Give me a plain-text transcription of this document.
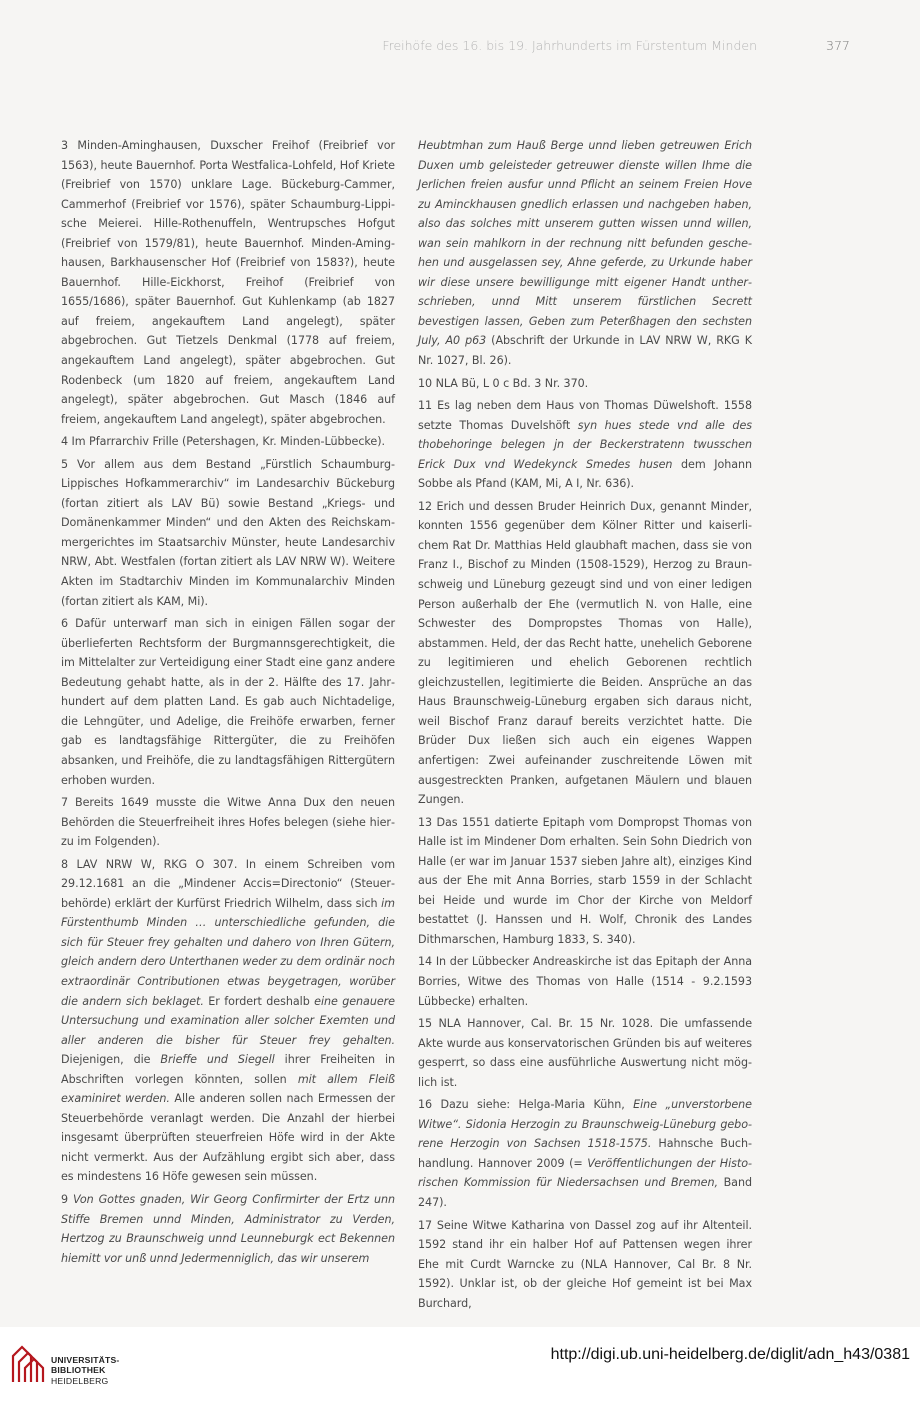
Freihöfe des 16. bis 19. Jahrhunderts im Fürstentum Minden	377

3 Minden-Aminghausen, Duxscher Freihof (Freibrief vor 1563), heute Bauernhof. Porta Westfalica-Lohfeld, Hof Kriete (Freibrief von 1570) unklare Lage. Bückeburg-Cammer, Cammerhof (Freibrief vor 1576), später Schaumburg-Lippische Meierei. Hille-Rothenuffeln, Wentrupsches Hofgut (Freibrief von 1579/81), heute Bauernhof. Minden-Aminghausen, Barkhausenscher Hof (Freibrief von 1583?), heute Bauernhof. Hille-Eickhorst, Freihof (Freibrief von 1655/1686), später Bauernhof. Gut Kuhlenkamp (ab 1827 auf freiem, angekauftem Land angelegt), später abgebrochen. Gut Tietzels Denkmal (1778 auf freiem, angekauftem Land angelegt), später abgebrochen. Gut Rodenbeck (um 1820 auf freiem, angekauftem Land angelegt), später abgebrochen. Gut Masch (1846 auf freiem, angekauftem Land angelegt), später abgebrochen.

4 Im Pfarrarchiv Frille (Petershagen, Kr. Minden-Lübbecke).

5 Vor allem aus dem Bestand „Fürstlich Schaumburg-Lippisches Hofkammerarchiv“ im Landesarchiv Bückeburg (fortan zitiert als LAV Bü) sowie Bestand „Kriegs- und Domänenkammer Minden“ und den Akten des Reichskammergerichtes im Staatsarchiv Münster, heute Landesarchiv NRW, Abt. Westfalen (fortan zitiert als LAV NRW W). Weitere Akten im Stadtarchiv Minden im Kommunalarchiv Minden (fortan zitiert als KAM, Mi).

6 Dafür unterwarf man sich in einigen Fällen sogar der überlieferten Rechtsform der Burgmannsgerechtigkeit, die im Mittelalter zur Verteidigung einer Stadt eine ganz andere Bedeutung gehabt hatte, als in der 2. Hälfte des 17. Jahrhundert auf dem platten Land. Es gab auch Nichtadelige, die Lehngüter, und Adelige, die Freihöfe erwarben, ferner gab es landtagsfähige Rittergüter, die zu Freihöfen absanken, und Freihöfe, die zu landtagsfähigen Rittergütern erhoben wurden.

7 Bereits 1649 musste die Witwe Anna Dux den neuen Behörden die Steuerfreiheit ihres Hofes belegen (siehe hierzu im Folgenden).

8 LAV NRW W, RKG O 307. In einem Schreiben vom 29.12.1681 an die „Mindener Accis=Directonio“ (Steuerbehörde) erklärt der Kurfürst Friedrich Wilhelm, dass sich im Fürstenthumb Minden … unterschiedliche gefunden, die sich für Steuer frey gehalten und dahero von Ihren Gütern, gleich andern dero Unterthanen weder zu dem ordinär noch extraordinär Contributionen etwas beygetragen, worüber die andern sich beklaget. Er fordert deshalb eine genauere Untersuchung und examination aller solcher Exemten und aller anderen die bisher für Steuer frey gehalten. Diejenigen, die Brieffe und Siegell ihrer Freiheiten in Abschriften vorlegen könnten, sollen mit allem Fleiß examiniret werden. Alle anderen sollen nach Ermessen der Steuerbehörde veranlagt werden. Die Anzahl der hierbei insgesamt überprüften steuerfreien Höfe wird in der Akte nicht vermerkt. Aus der Aufzählung ergibt sich aber, dass es mindestens 16 Höfe gewesen sein müssen.

9 Von Gottes gnaden, Wir Georg Confirmirter der Ertz unn Stiffe Bremen unnd Minden, Administrator zu Verden, Hertzog zu Braunschweig unnd Leunneburgk ect Bekennen hiemitt vor unß unnd Jedermenniglich, das wir unserem

Heubtmhan zum Hauß Berge unnd lieben getreuwen Erich Duxen umb geleisteder getreuwer dienste willen Ihme die Jerlichen freien ausfur unnd Pflicht an seinem Freien Hove zu Aminckhausen gnedlich erlassen und nachgeben haben, also das solches mitt unserem gutten wissen unnd willen, wan sein mahlkorn in der rechnung nitt befunden geschehen und ausgelassen sey, Ahne geferde, zu Urkunde haber wir diese unsere bewilligunge mitt eigener Handt untherschrieben, unnd Mitt unserem fürstlichen Secrett bevestigen lassen, Geben zum Peterßhagen den sechsten July, A0 p63 (Abschrift der Urkunde in LAV NRW W, RKG K Nr. 1027, Bl. 26).

10 NLA Bü, L 0 c Bd. 3 Nr. 370.

11 Es lag neben dem Haus von Thomas Düwelshoft. 1558 setzte Thomas Duvelshöft syn hues stede vnd alle des thobehoringe belegen jn der Beckerstratenn twusschen Erick Dux vnd Wedekynck Smedes husen dem Johann Sobbe als Pfand (KAM, Mi, A I, Nr. 636).

12 Erich und dessen Bruder Heinrich Dux, genannt Minder, konnten 1556 gegenüber dem Kölner Ritter und kaiserlichem Rat Dr. Matthias Held glaubhaft machen, dass sie von Franz I., Bischof zu Minden (1508-1529), Herzog zu Braunschweig und Lüneburg gezeugt sind und von einer ledigen Person außerhalb der Ehe (vermutlich N. von Halle, eine Schwester des Dompropstes Thomas von Halle), abstammen. Held, der das Recht hatte, unehelich Geborene zu legitimieren und ehelich Geborenen rechtlich gleichzustellen, legitimierte die Beiden. Ansprüche an das Haus Braunschweig-Lüneburg ergaben sich daraus nicht, weil Bischof Franz darauf bereits verzichtet hatte. Die Brüder Dux ließen sich auch ein eigenes Wappen anfertigen: Zwei aufeinander zuschreitende Löwen mit ausgestreckten Pranken, aufgetanen Mäulern und blauen Zungen.

13 Das 1551 datierte Epitaph vom Dompropst Thomas von Halle ist im Mindener Dom erhalten. Sein Sohn Diedrich von Halle (er war im Januar 1537 sieben Jahre alt), einziges Kind aus der Ehe mit Anna Borries, starb 1559 in der Schlacht bei Heide und wurde im Chor der Kirche von Meldorf bestattet (J. Hanssen und H. Wolf, Chronik des Landes Dithmarschen, Hamburg 1833, S. 340).

14 In der Lübbecker Andreaskirche ist das Epitaph der Anna Borries, Witwe des Thomas von Halle (1514 - 9.2.1593 Lübbecke) erhalten.

15 NLA Hannover, Cal. Br. 15 Nr. 1028. Die umfassende Akte wurde aus konservatorischen Gründen bis auf weiteres gesperrt, so dass eine ausführliche Auswertung nicht möglich ist.

16 Dazu siehe: Helga-Maria Kühn, Eine „unverstorbene Witwe“. Sidonia Herzogin zu Braunschweig-Lüneburg geborene Herzogin von Sachsen 1518-1575. Hahnsche Buchhandlung. Hannover 2009 (= Veröffentlichungen der Historischen Kommission für Niedersachsen und Bremen, Band 247).

17 Seine Witwe Katharina von Dassel zog auf ihr Altenteil. 1592 stand ihr ein halber Hof auf Pattensen wegen ihrer Ehe mit Curdt Warncke zu (NLA Hannover, Cal Br. 8 Nr. 1592). Unklar ist, ob der gleiche Hof gemeint ist bei Max Burchard,

UNIVERSITÄTS-
BIBLIOTHEK
HEIDELBERG
http://digi.ub.uni-heidelberg.de/diglit/adn_h43/0381
